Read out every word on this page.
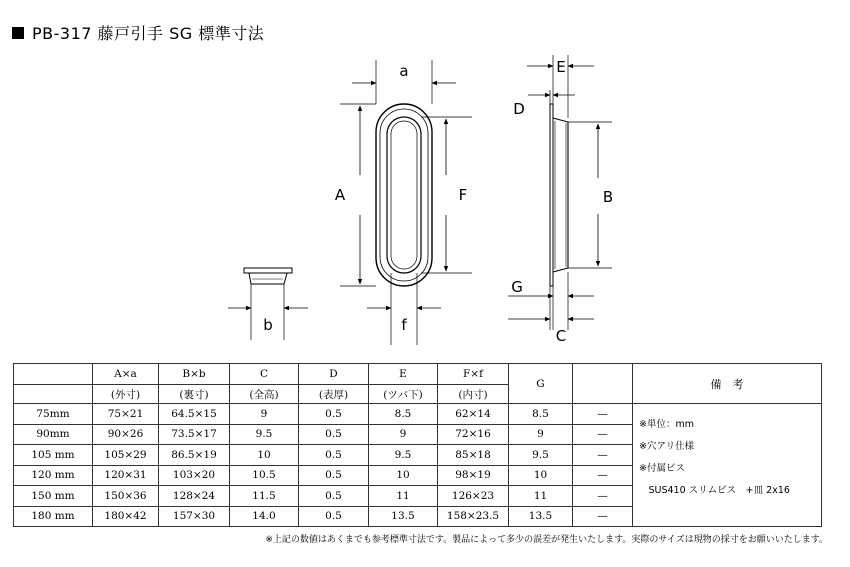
PB-317 藤戸引手 SG 標準寸法
a
A	F
f
b
E
D
B
G
C
	A×a	B×b	C	D	E	F×f	G		備　考
	(外寸)	(裏寸)	(全高)	(表厚)	(ツバ下)	(内寸)			
75mm	75×21	64.5×15	9	0.5	8.5	62×14	8.5	—	※単位：mm
※穴アリ仕様
※付属ビス
　SUS410 スリムビス　+皿 2x16

90mm	90×26	73.5×17	9.5	0.5	9	72×16	9	—	
105 mm	105×29	86.5×19	10	0.5	9.5	85×18	9.5	—	
120 mm	120×31	103×20	10.5	0.5	10	98×19	10	—	
150 mm	150×36	128×24	11.5	0.5	11	126×23	11	—	
180 mm	180×42	157×30	14.0	0.5	13.5	158×23.5	13.5	—	
※上記の数値はあくまでも参考標準寸法です。製品によって多少の誤差が発生いたします。実際のサイズは現物の採寸をお願いいたします。
